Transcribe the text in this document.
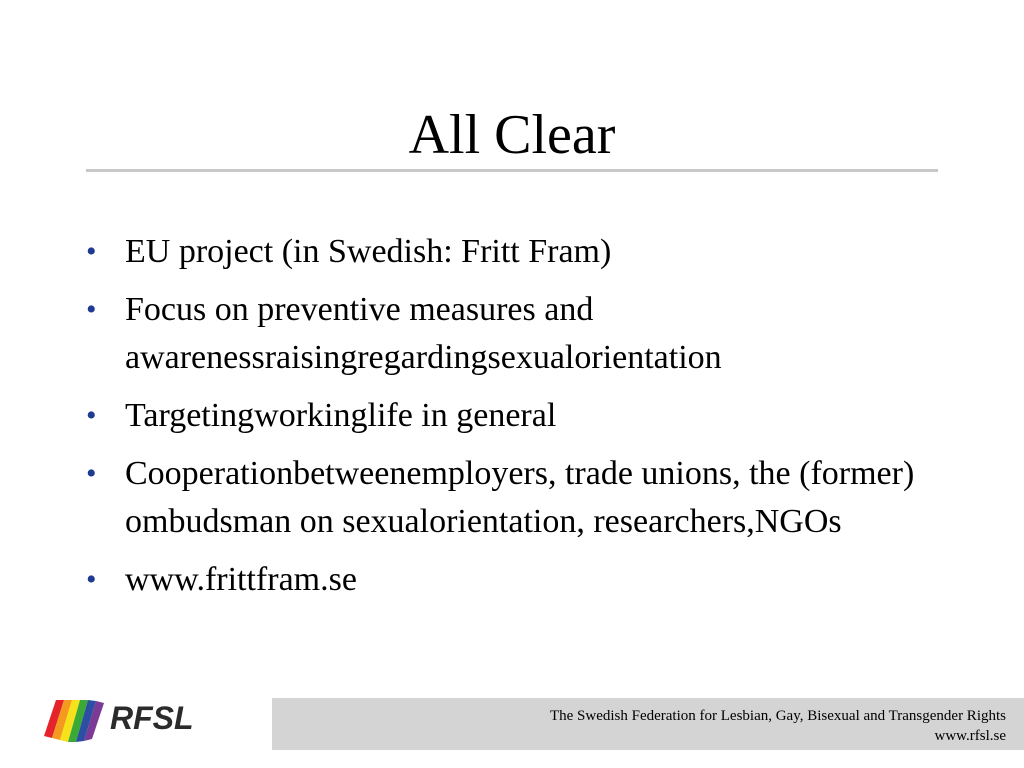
All Clear
• EU project (in Swedish: Fritt Fram)
• Focus on preventive measures and awarenessraisingregardingsexualorientation
• Targetingworkinglife in general
• Cooperationbetweenemployers, trade unions, the (former) ombudsman on sexualorientation, researchers,NGOs
• www.frittfram.se
RFSL	The Swedish Federation for Lesbian, Gay, Bisexual and Transgender Rights
www.rfsl.se
